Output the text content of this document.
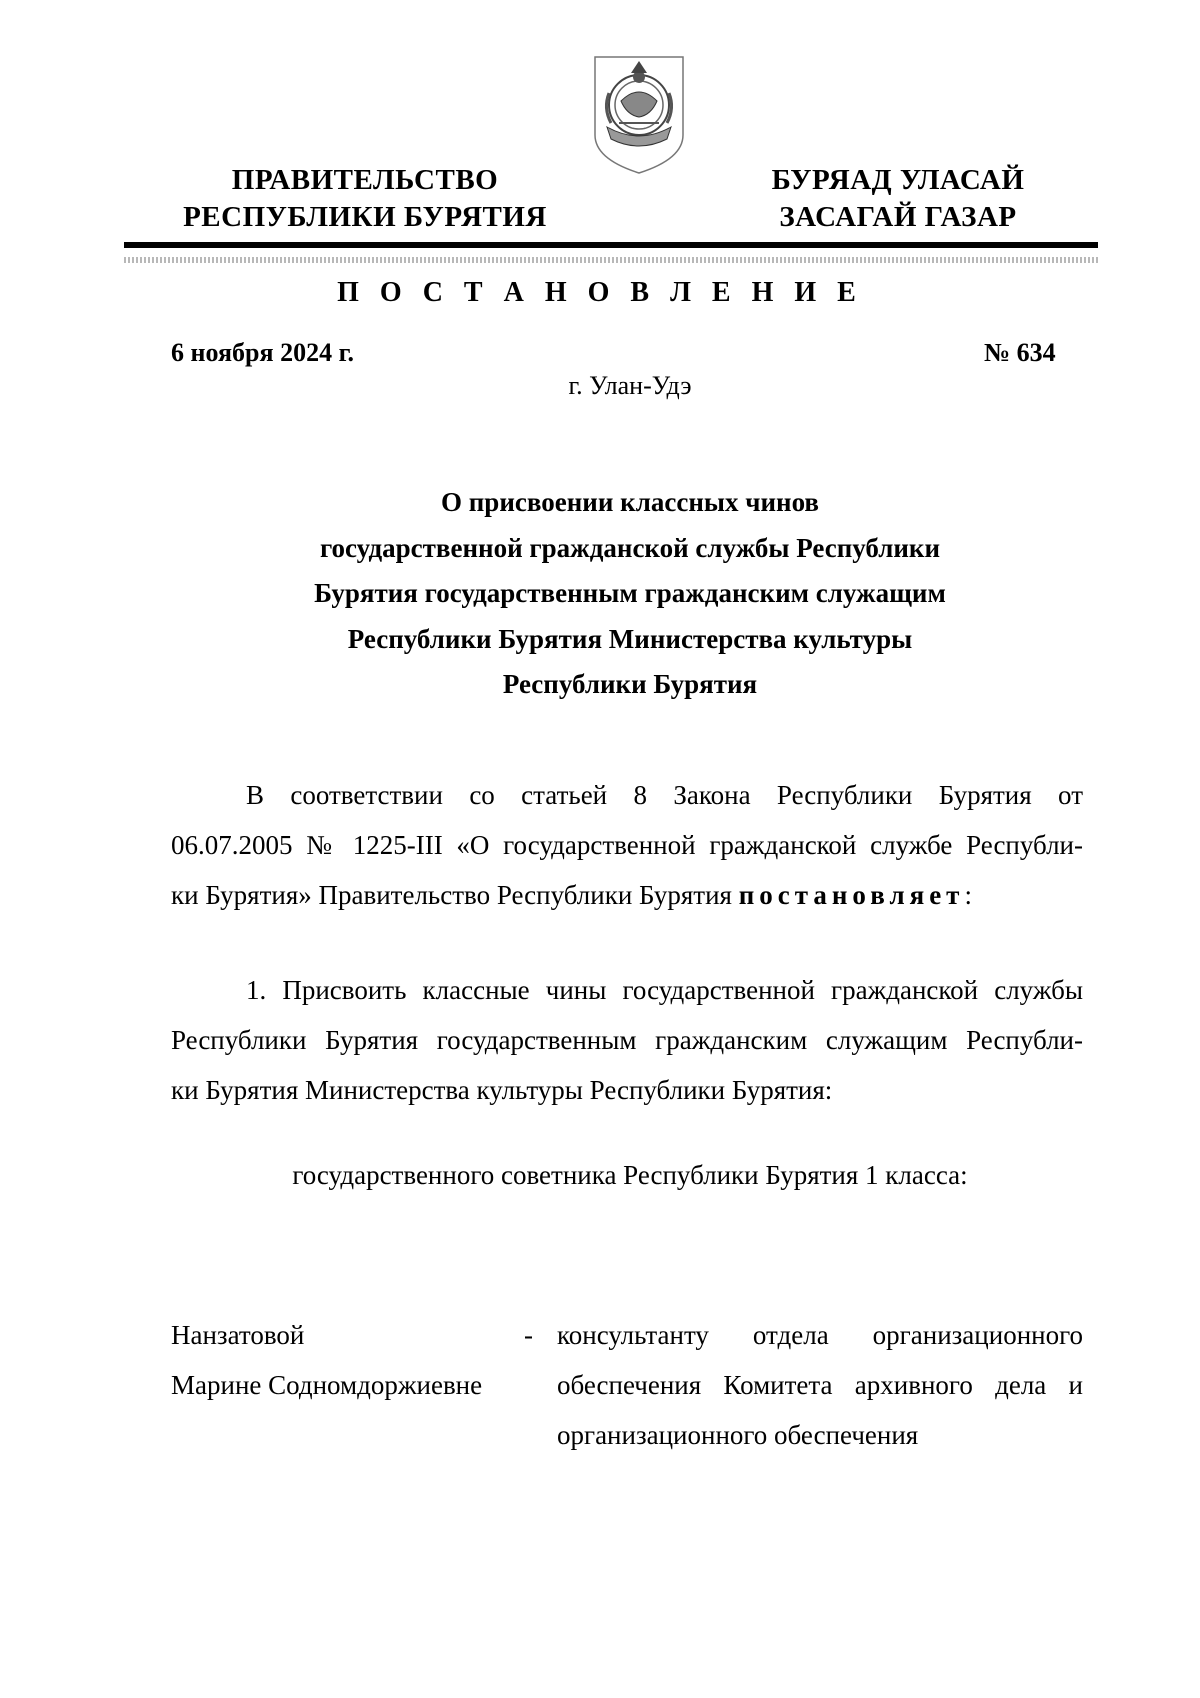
ПРАВИТЕЛЬСТВО
РЕСПУБЛИКИ БУРЯТИЯ
БУРЯАД УЛАСАЙ
ЗАСАГАЙ ГАЗАР
П О С Т А Н О В Л Е Н И Е
6 ноября 2024 г.	№ 634
г. Улан-Удэ
О присвоении классных чинов
государственной гражданской службы Республики
Бурятия государственным гражданским служащим
Республики Бурятия Министерства культуры
Республики Бурятия
В соответствии со статьей 8 Закона Республики Бурятия от
06.07.2005 № 1225-III «О государственной гражданской службе Республи-
ки Бурятия» Правительство Республики Бурятия постановляет:
1. Присвоить классные чины государственной гражданской службы
Республики Бурятия государственным гражданским служащим Республи-
ки Бурятия Министерства культуры Республики Бурятия:
государственного советника Республики Бурятия 1 класса:
Нанзатовой
Марине Содномдоржиевне
- консультанту отдела организационного
обеспечения Комитета архивного дела и
организационного обеспечения
